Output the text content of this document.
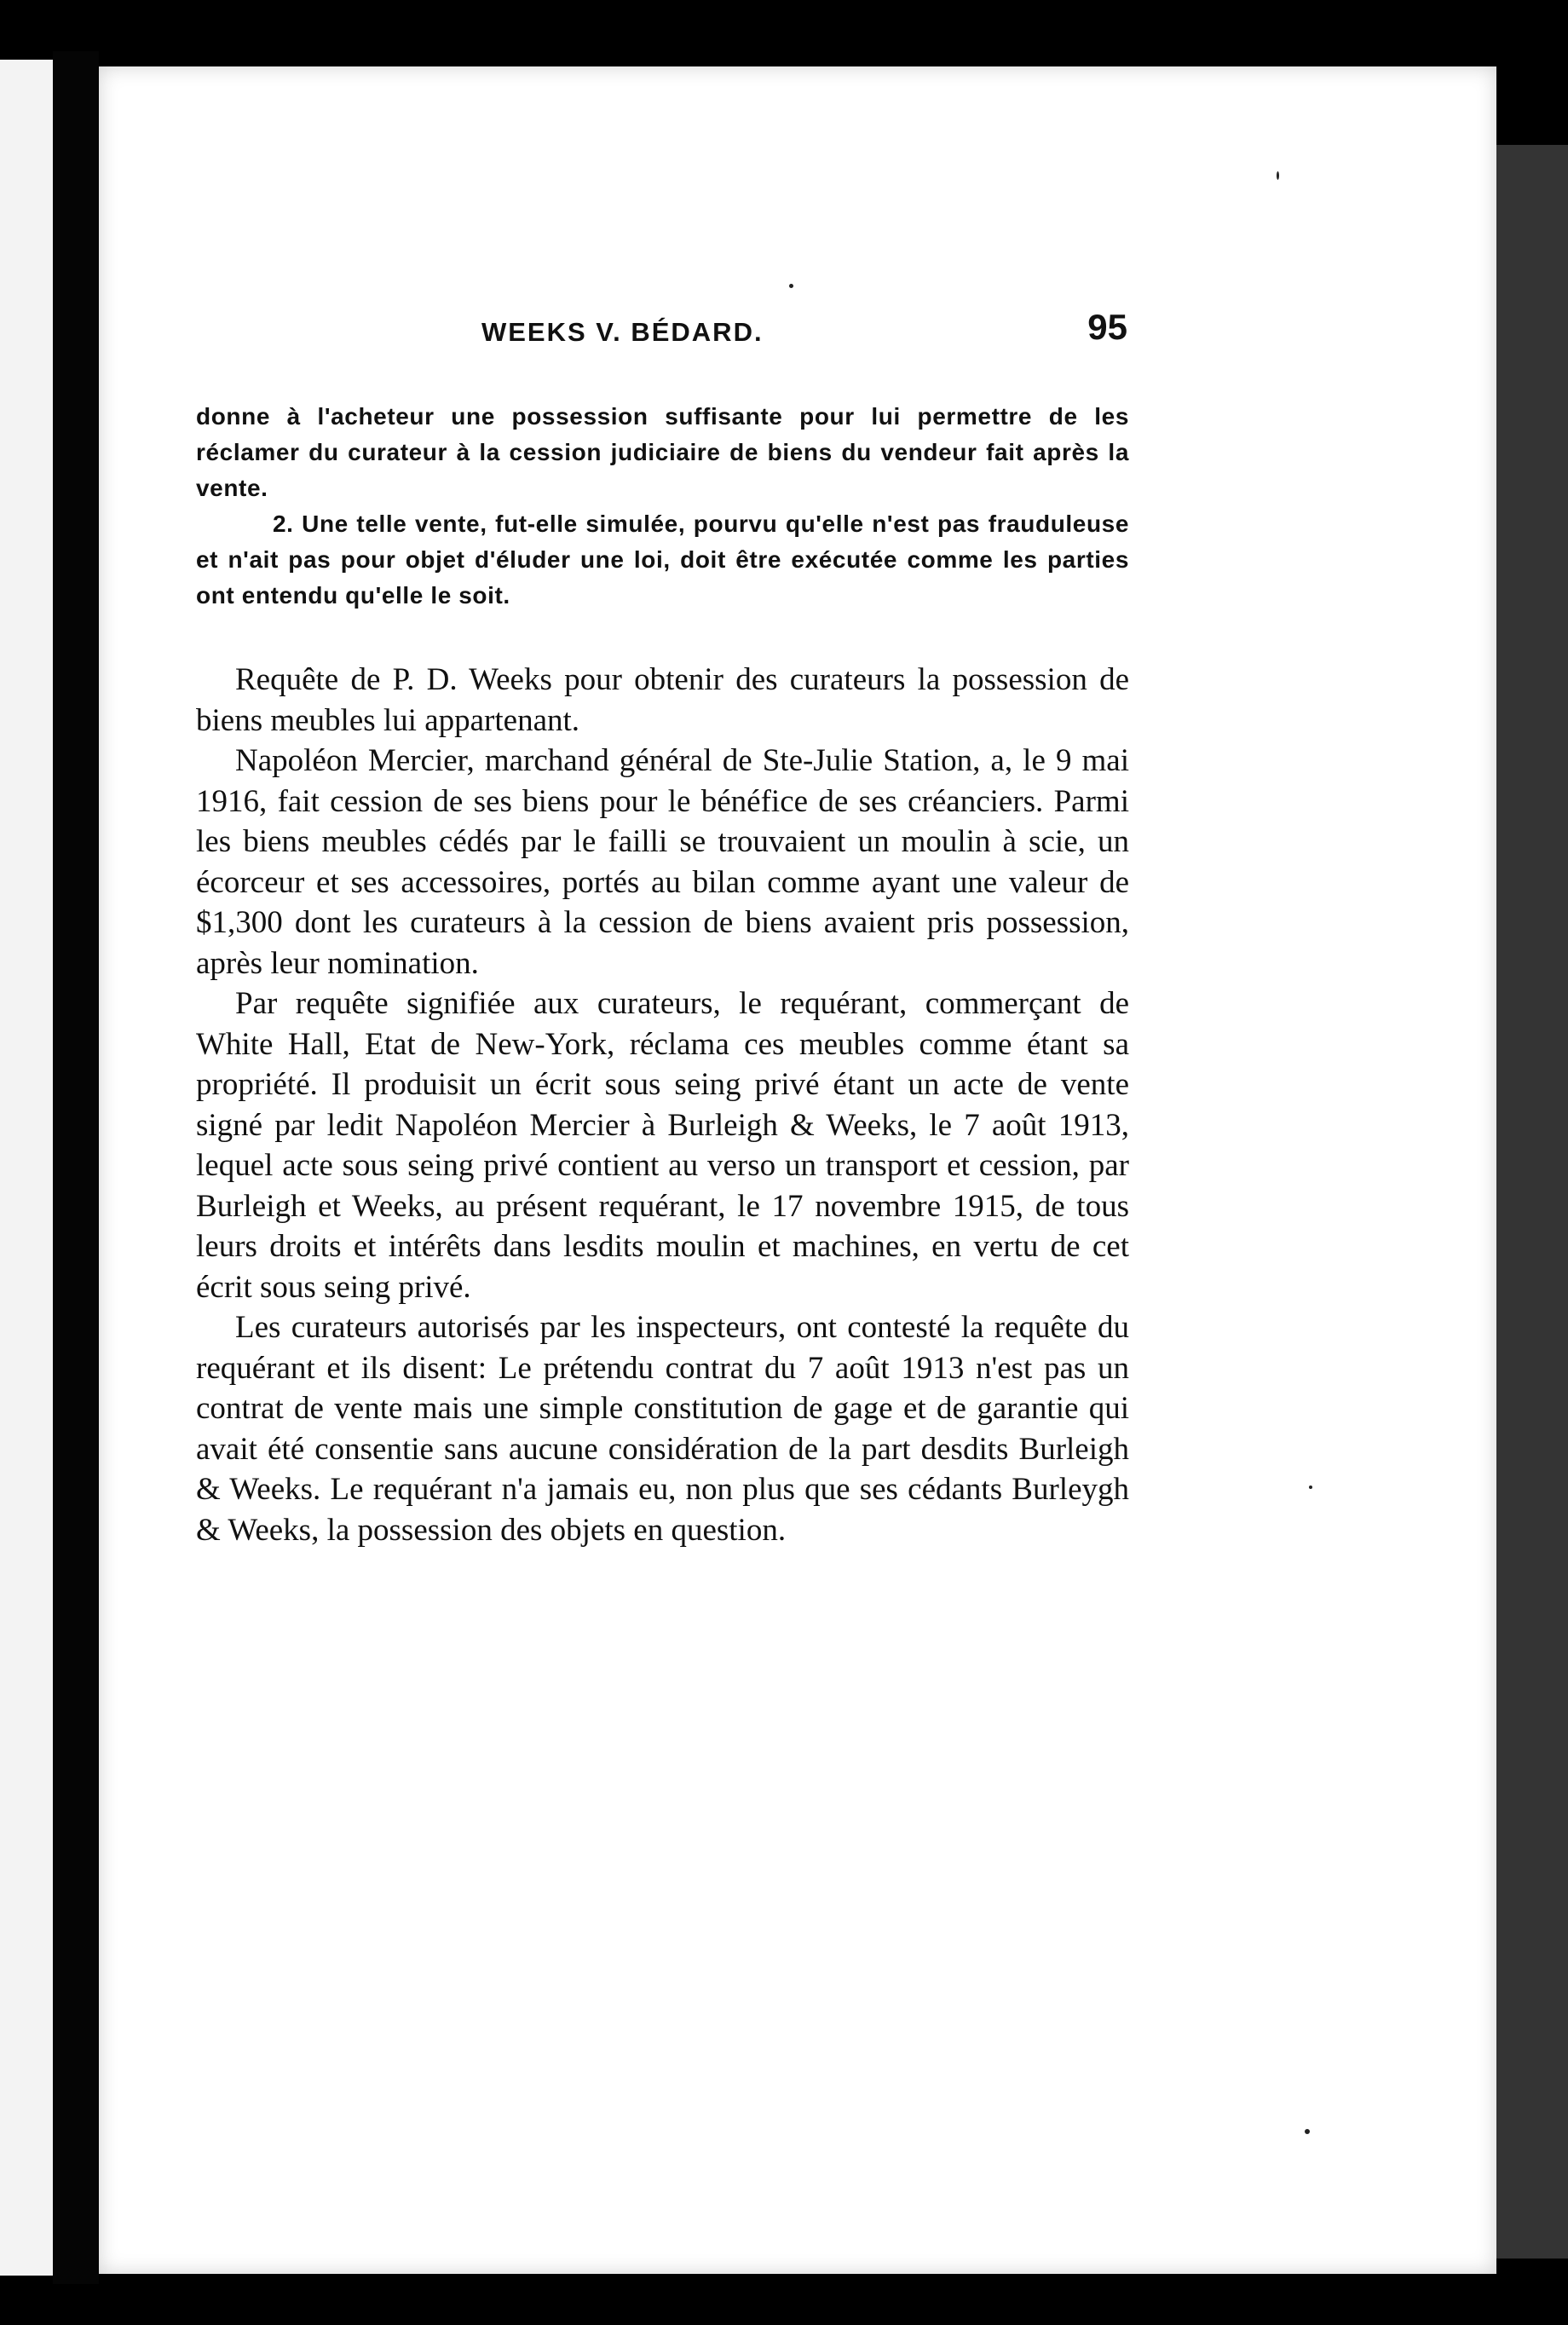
WEEKS V. BÉDARD.	95

donne à l'acheteur une possession suffisante pour lui permettre de les réclamer du curateur à la cession judiciaire de biens du vendeur fait après la vente.

2. Une telle vente, fut-elle simulée, pourvu qu'elle n'est pas frauduleuse et n'ait pas pour objet d'éluder une loi, doit être exécutée comme les parties ont entendu qu'elle le soit.

Requête de P. D. Weeks pour obtenir des curateurs la possession de biens meubles lui appartenant.

Napoléon Mercier, marchand général de Ste-Julie Station, a, le 9 mai 1916, fait cession de ses biens pour le bénéfice de ses créanciers. Parmi les biens meubles cédés par le failli se trouvaient un moulin à scie, un écorceur et ses accessoires, portés au bilan comme ayant une valeur de $1,300 dont les curateurs à la cession de biens avaient pris possession, après leur nomination.

Par requête signifiée aux curateurs, le requérant, commerçant de White Hall, Etat de New-York, réclama ces meubles comme étant sa propriété. Il produisit un écrit sous seing privé étant un acte de vente signé par ledit Napoléon Mercier à Burleigh & Weeks, le 7 août 1913, lequel acte sous seing privé contient au verso un transport et cession, par Burleigh et Weeks, au présent requérant, le 17 novembre 1915, de tous leurs droits et intérêts dans lesdits moulin et machines, en vertu de cet écrit sous seing privé.

Les curateurs autorisés par les inspecteurs, ont contesté la requête du requérant et ils disent: Le prétendu contrat du 7 août 1913 n'est pas un contrat de vente mais une simple constitution de gage et de garantie qui avait été consentie sans aucune considération de la part desdits Burleigh & Weeks. Le requérant n'a jamais eu, non plus que ses cédants Burleygh & Weeks, la possession des objets en question.
